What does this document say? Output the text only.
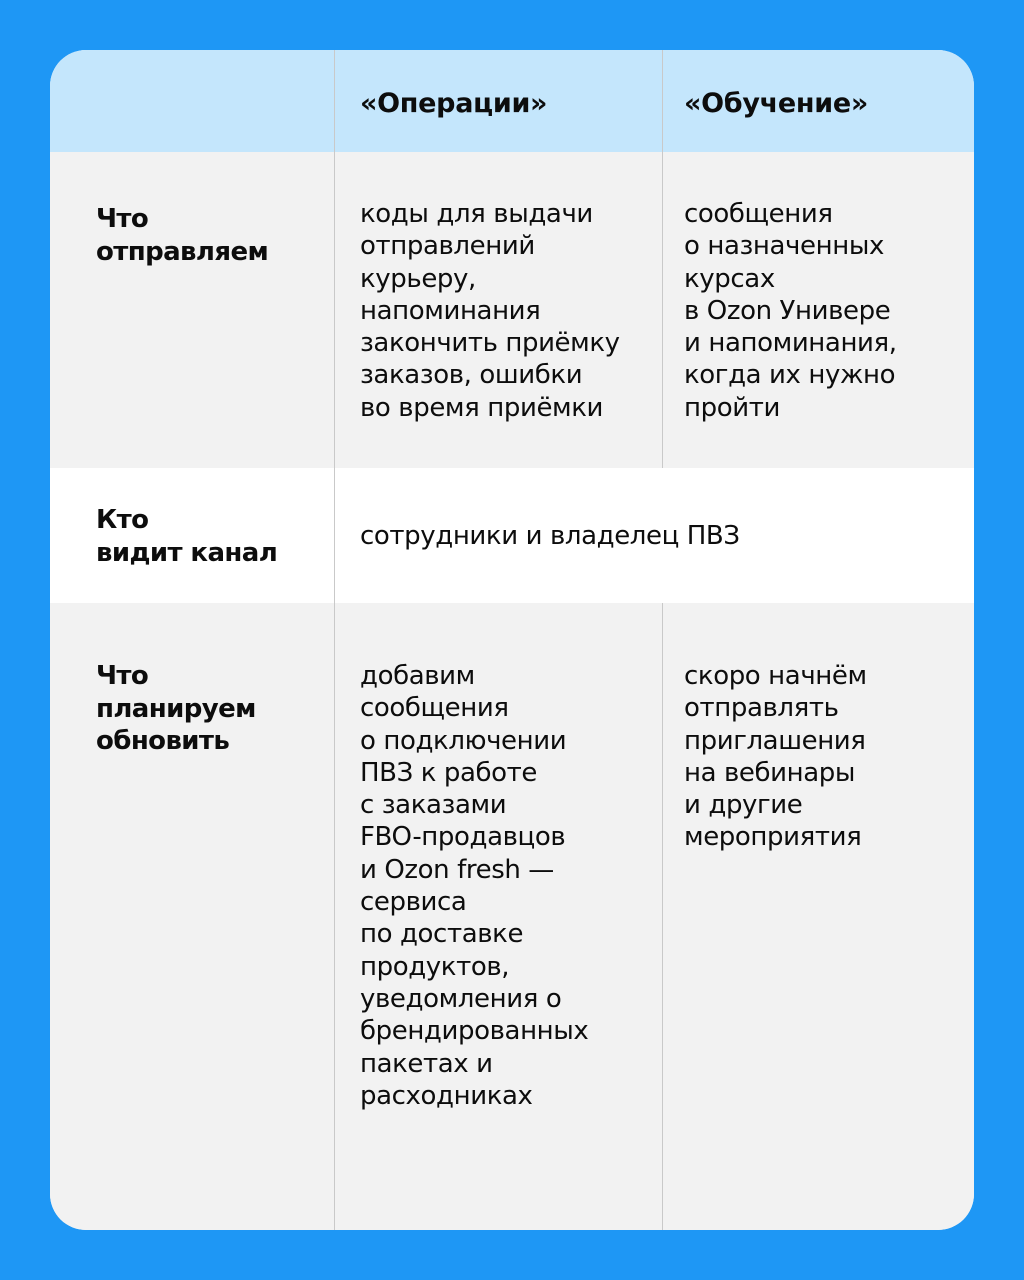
«Операции»	«Обучение»
Что
отправляем
коды для выдачи
отправлений
курьеру,
напоминания
закончить приёмку
заказов, ошибки
во время приёмки
сообщения
о назначенных
курсах
в Ozon Универе
и напоминания,
когда их нужно
пройти
Кто
видит канал
сотрудники и владелец ПВЗ
Что
планируем
обновить
добавим
сообщения
о подключении
ПВЗ к работе
с заказами
FBO-продавцов
и Ozon fresh —
сервиса
по доставке
продуктов,
уведомления о
брендированных
пакетах и
расходниках
скоро начнём
отправлять
приглашения
на вебинары
и другие
мероприятия
